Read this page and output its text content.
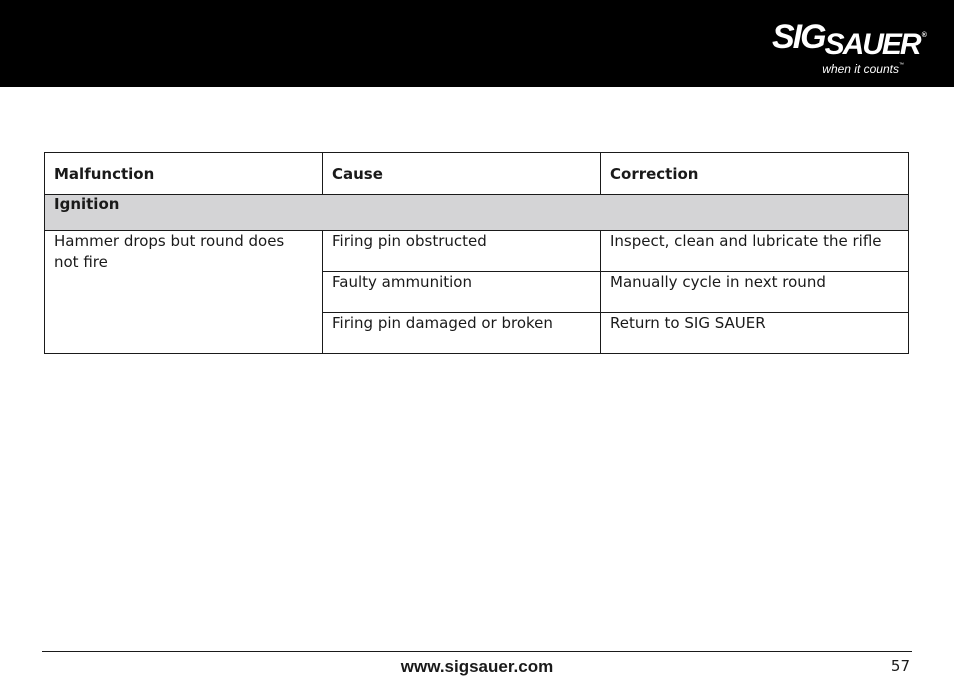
SIGSAUER ®
when it counts™
Malfunction	Cause	Correction
Ignition		
Hammer drops but round does not fire	Firing pin obstructed	Inspect, clean and lubricate the rifle
	Faulty ammunition	Manually cycle in next round
	Firing pin damaged or broken	Return to SIG SAUER
www.sigsauer.com	57
